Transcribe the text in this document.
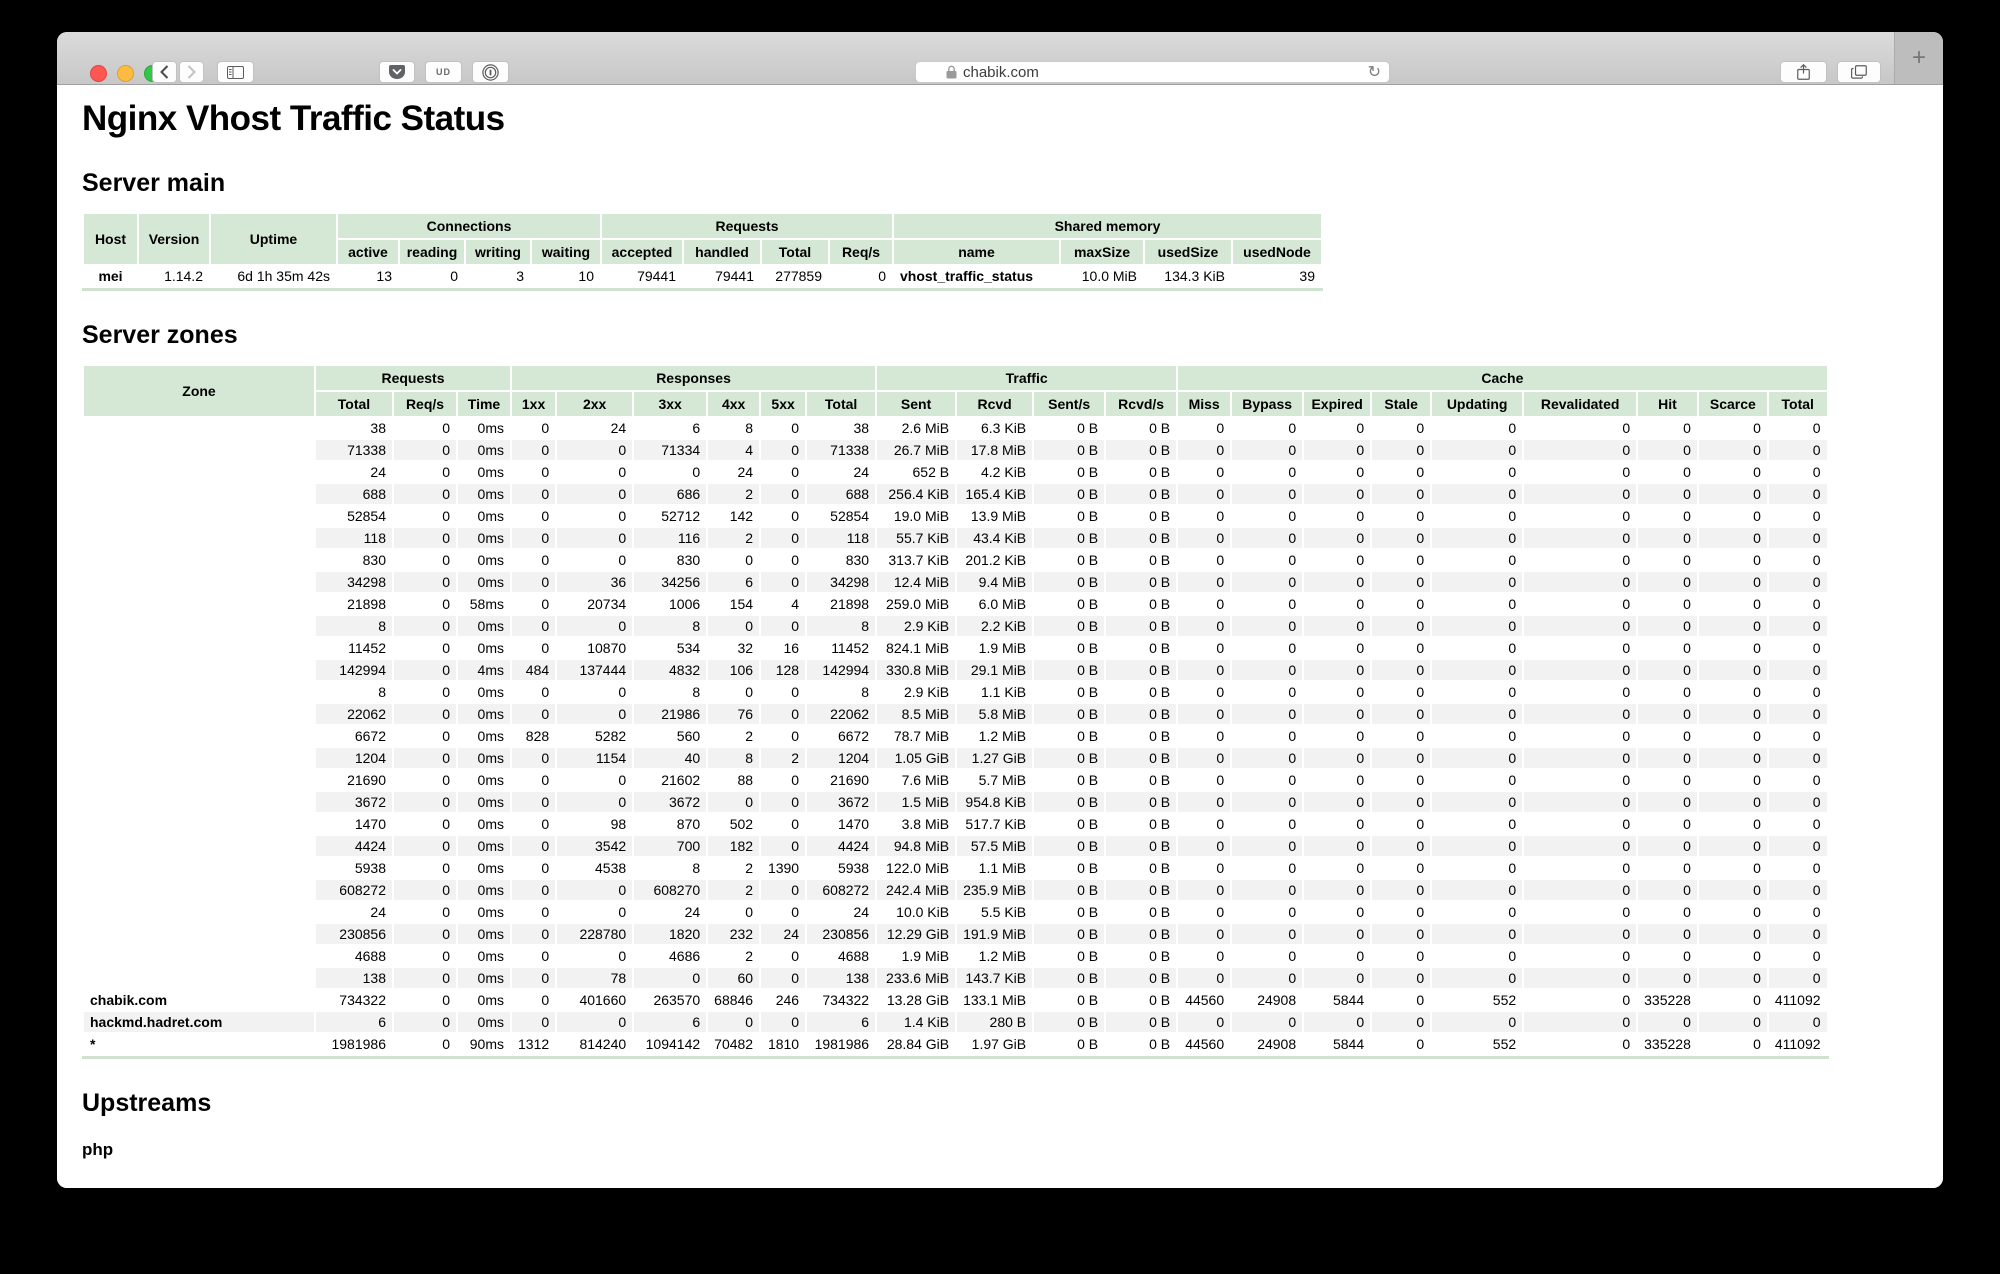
UD	chabik.com	↻
+
Nginx Vhost Traffic Status
Server main
Host	Version	Uptime	Connections				Requests				Shared memory			
			active	reading	writing	waiting	accepted	handled	Total	Req/s	name	maxSize	usedSize	usedNode
mei	1.14.2	6d 1h 35m 42s	13	0	3	10	79441	79441	277859	0	vhost_traffic_status	10.0 MiB	134.3 KiB	39
Server zones
Zone	Requests			Responses						Traffic				Cache								
	Total	Req/s	Time	1xx	2xx	3xx	4xx	5xx	Total	Sent	Rcvd	Sent/s	Rcvd/s	Miss	Bypass	Expired	Stale	Updating	Revalidated	Hit	Scarce	Total
	38	0	0ms	0	24	6	8	0	38	2.6 MiB	6.3 KiB	0 B	0 B	0	0	0	0	0	0	0	0	0
	71338	0	0ms	0	0	71334	4	0	71338	26.7 MiB	17.8 MiB	0 B	0 B	0	0	0	0	0	0	0	0	0
	24	0	0ms	0	0	0	24	0	24	652 B	4.2 KiB	0 B	0 B	0	0	0	0	0	0	0	0	0
	688	0	0ms	0	0	686	2	0	688	256.4 KiB	165.4 KiB	0 B	0 B	0	0	0	0	0	0	0	0	0
	52854	0	0ms	0	0	52712	142	0	52854	19.0 MiB	13.9 MiB	0 B	0 B	0	0	0	0	0	0	0	0	0
	118	0	0ms	0	0	116	2	0	118	55.7 KiB	43.4 KiB	0 B	0 B	0	0	0	0	0	0	0	0	0
	830	0	0ms	0	0	830	0	0	830	313.7 KiB	201.2 KiB	0 B	0 B	0	0	0	0	0	0	0	0	0
	34298	0	0ms	0	36	34256	6	0	34298	12.4 MiB	9.4 MiB	0 B	0 B	0	0	0	0	0	0	0	0	0
	21898	0	58ms	0	20734	1006	154	4	21898	259.0 MiB	6.0 MiB	0 B	0 B	0	0	0	0	0	0	0	0	0
	8	0	0ms	0	0	8	0	0	8	2.9 KiB	2.2 KiB	0 B	0 B	0	0	0	0	0	0	0	0	0
	11452	0	0ms	0	10870	534	32	16	11452	824.1 MiB	1.9 MiB	0 B	0 B	0	0	0	0	0	0	0	0	0
	142994	0	4ms	484	137444	4832	106	128	142994	330.8 MiB	29.1 MiB	0 B	0 B	0	0	0	0	0	0	0	0	0
	8	0	0ms	0	0	8	0	0	8	2.9 KiB	1.1 KiB	0 B	0 B	0	0	0	0	0	0	0	0	0
	22062	0	0ms	0	0	21986	76	0	22062	8.5 MiB	5.8 MiB	0 B	0 B	0	0	0	0	0	0	0	0	0
	6672	0	0ms	828	5282	560	2	0	6672	78.7 MiB	1.2 MiB	0 B	0 B	0	0	0	0	0	0	0	0	0
	1204	0	0ms	0	1154	40	8	2	1204	1.05 GiB	1.27 GiB	0 B	0 B	0	0	0	0	0	0	0	0	0
	21690	0	0ms	0	0	21602	88	0	21690	7.6 MiB	5.7 MiB	0 B	0 B	0	0	0	0	0	0	0	0	0
	3672	0	0ms	0	0	3672	0	0	3672	1.5 MiB	954.8 KiB	0 B	0 B	0	0	0	0	0	0	0	0	0
	1470	0	0ms	0	98	870	502	0	1470	3.8 MiB	517.7 KiB	0 B	0 B	0	0	0	0	0	0	0	0	0
	4424	0	0ms	0	3542	700	182	0	4424	94.8 MiB	57.5 MiB	0 B	0 B	0	0	0	0	0	0	0	0	0
	5938	0	0ms	0	4538	8	2	1390	5938	122.0 MiB	1.1 MiB	0 B	0 B	0	0	0	0	0	0	0	0	0
	608272	0	0ms	0	0	608270	2	0	608272	242.4 MiB	235.9 MiB	0 B	0 B	0	0	0	0	0	0	0	0	0
	24	0	0ms	0	0	24	0	0	24	10.0 KiB	5.5 KiB	0 B	0 B	0	0	0	0	0	0	0	0	0
	230856	0	0ms	0	228780	1820	232	24	230856	12.29 GiB	191.9 MiB	0 B	0 B	0	0	0	0	0	0	0	0	0
	4688	0	0ms	0	0	4686	2	0	4688	1.9 MiB	1.2 MiB	0 B	0 B	0	0	0	0	0	0	0	0	0
	138	0	0ms	0	78	0	60	0	138	233.6 MiB	143.7 KiB	0 B	0 B	0	0	0	0	0	0	0	0	0
chabik.com	734322	0	0ms	0	401660	263570	68846	246	734322	13.28 GiB	133.1 MiB	0 B	0 B	44560	24908	5844	0	552	0	335228	0	411092
hackmd.hadret.com	6	0	0ms	0	0	6	0	0	6	1.4 KiB	280 B	0 B	0 B	0	0	0	0	0	0	0	0	0
*	1981986	0	90ms	1312	814240	1094142	70482	1810	1981986	28.84 GiB	1.97 GiB	0 B	0 B	44560	24908	5844	0	552	0	335228	0	411092
Upstreams
php
